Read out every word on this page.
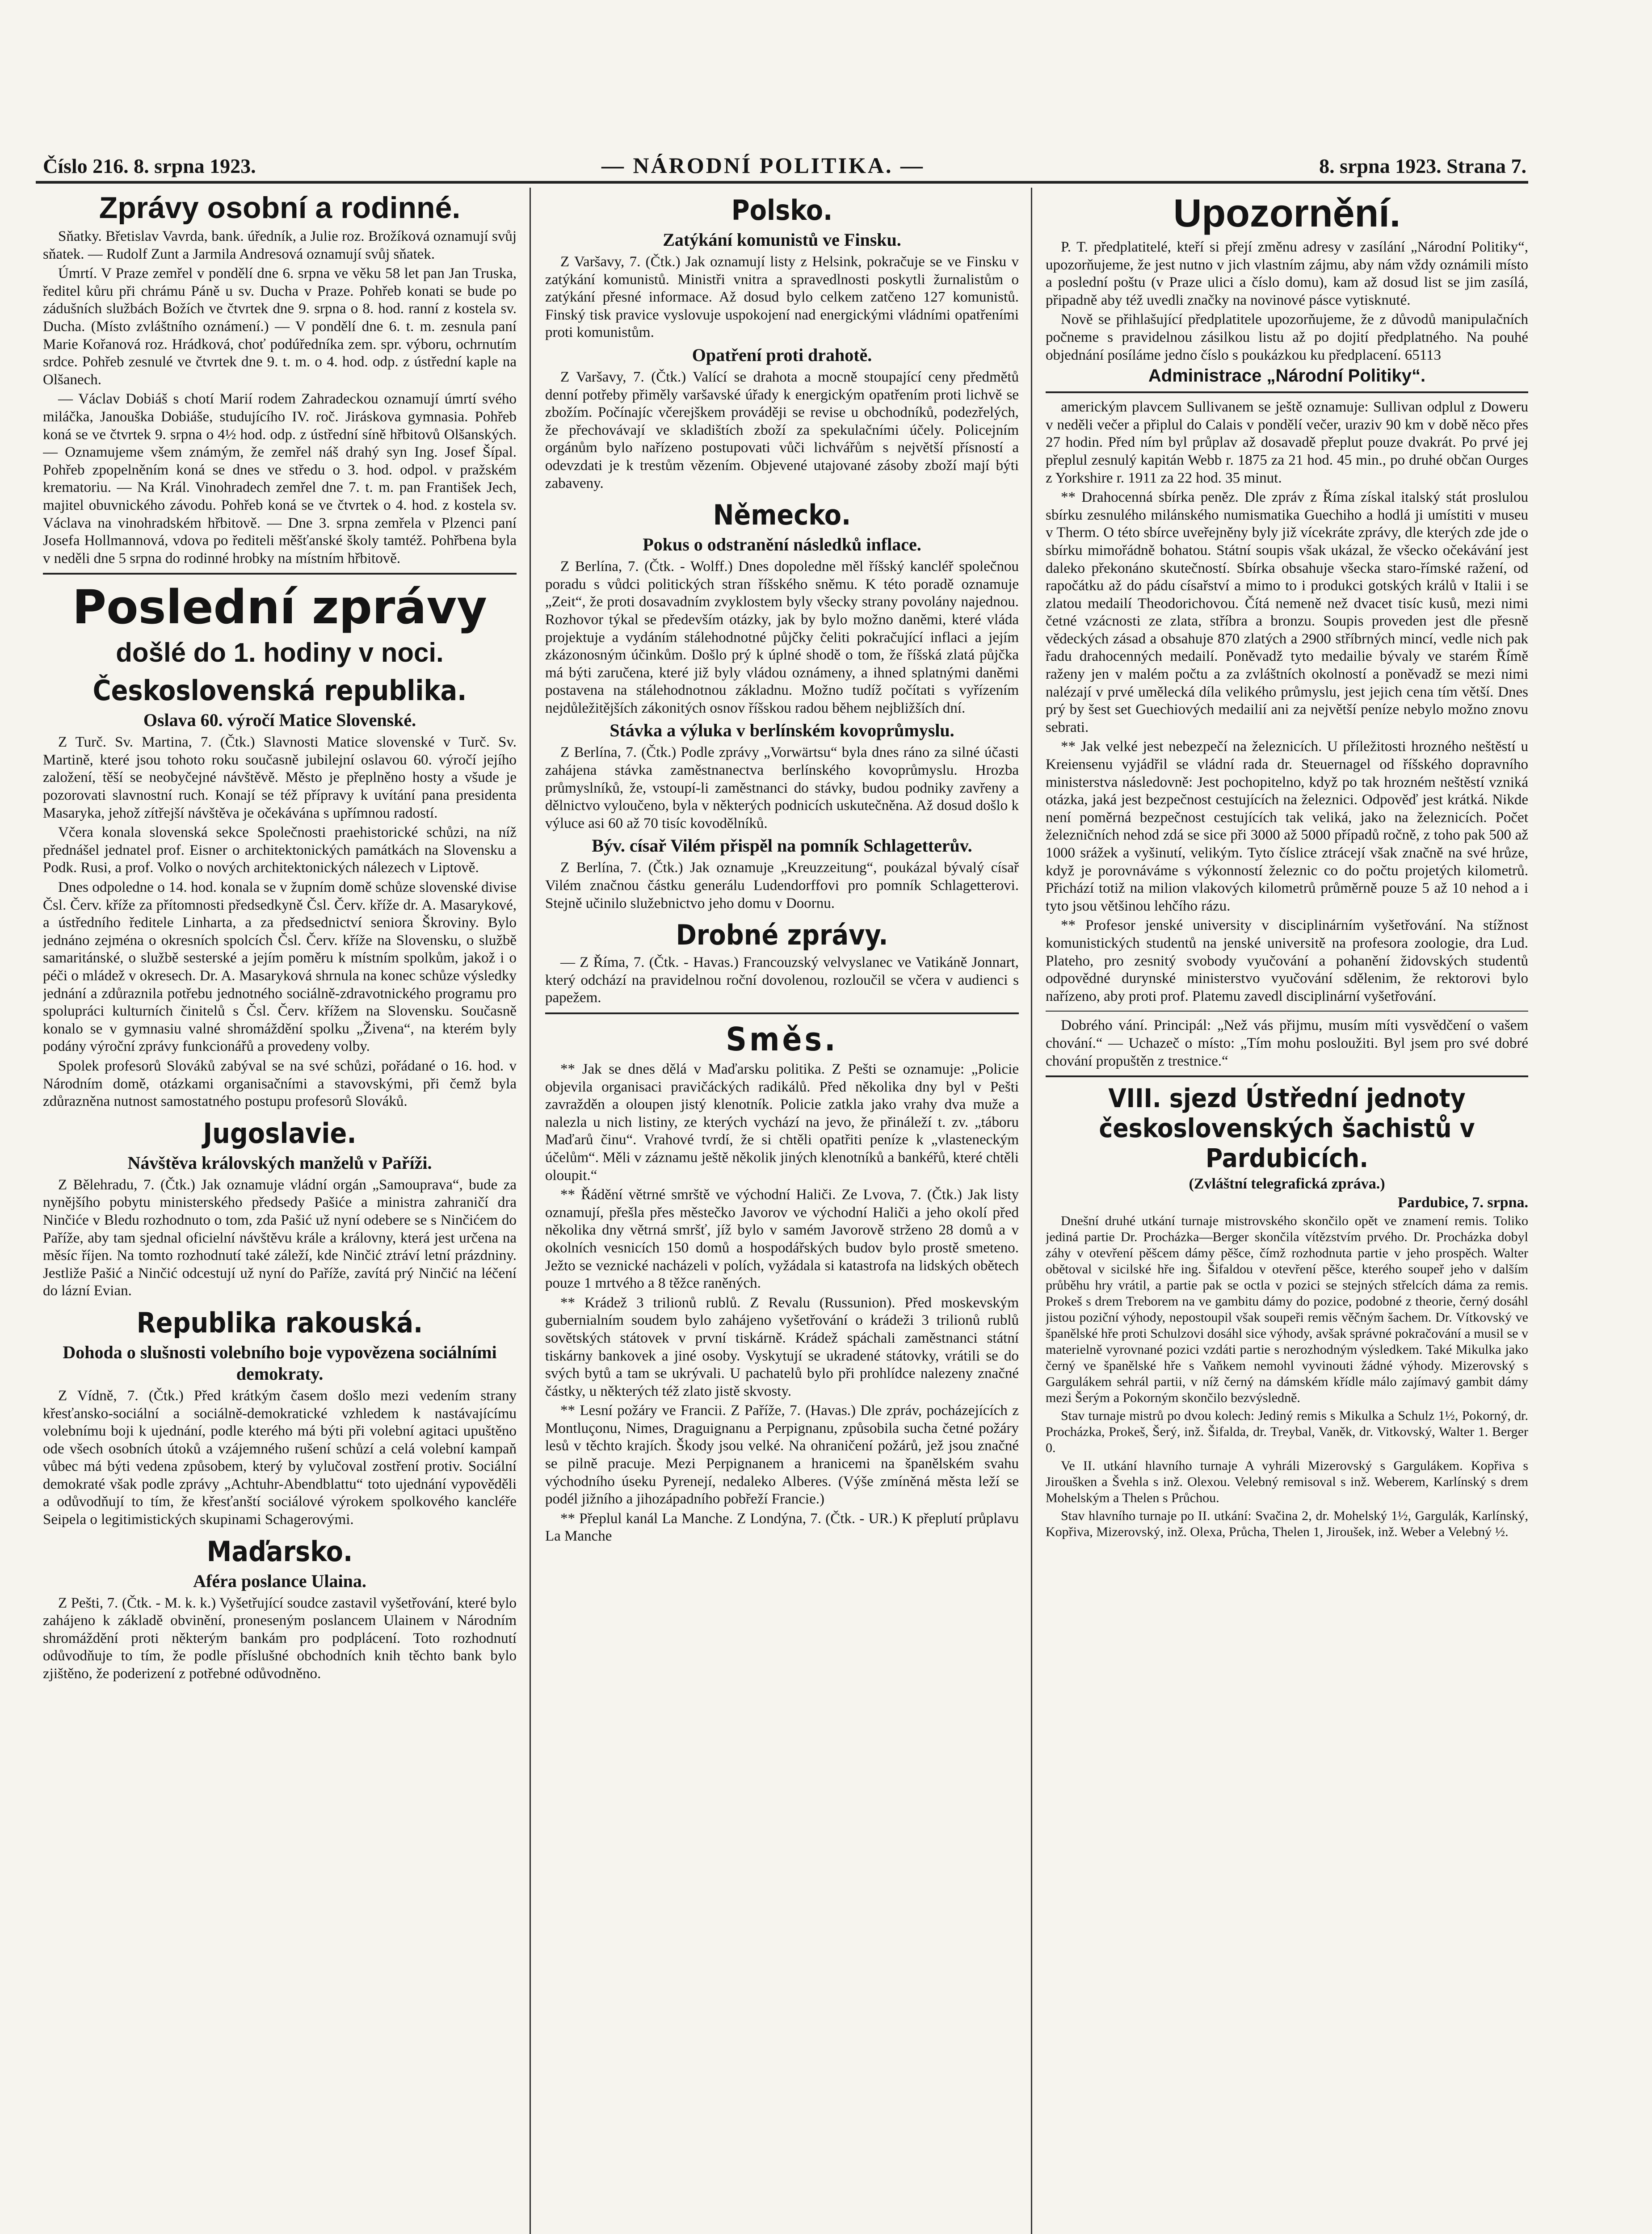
Číslo 216. 8. srpna 1923.	— NÁRODNÍ POLITIKA. —	8. srpna 1923. Strana 7.
Zprávy osobní a rodinné.

Sňatky. Břetislav Vavrda, bank. úředník, a Julie roz. Brožíková oznamují svůj sňatek. — Rudolf Zunt a Jarmila Andresová oznamují svůj sňatek.

Úmrtí. V Praze zemřel v pondělí dne 6. srpna ve věku 58 let pan Jan Truska, ředitel kůru při chrámu Páně u sv. Ducha v Praze. Pohřeb konati se bude po zádušních službách Božích ve čtvrtek dne 9. srpna o 8. hod. ranní z kostela sv. Ducha. (Místo zvláštního oznámení.) — V pondělí dne 6. t. m. zesnula paní Marie Kořanová roz. Hrádková, choť podúředníka zem. spr. výboru, ochrnutím srdce. Pohřeb zesnulé ve čtvrtek dne 9. t. m. o 4. hod. odp. z ústřední kaple na Olšanech.

— Václav Dobiáš s chotí Marií rodem Zahradeckou oznamují úmrtí svého miláčka, Janouška Dobiáše, studujícího IV. roč. Jiráskova gymnasia. Pohřeb koná se ve čtvrtek 9. srpna o 4½ hod. odp. z ústřední síně hřbitovů Olšanských. — Oznamujeme všem známým, že zemřel náš drahý syn Ing. Josef Šípal. Pohřeb zpopelněním koná se dnes ve středu o 3. hod. odpol. v pražském krematoriu. — Na Král. Vinohradech zemřel dne 7. t. m. pan František Jech, majitel obuvnického závodu. Pohřeb koná se ve čtvrtek o 4. hod. z kostela sv. Václava na vinohradském hřbitově. — Dne 3. srpna zemřela v Plzenci paní Josefa Hollmannová, vdova po řediteli měšťanské školy tamtéž. Pohřbena byla v neděli dne 5 srpna do rodinné hrobky na místním hřbitově.

Poslední zprávy
došlé do 1. hodiny v noci.
Československá republika.
Oslava 60. výročí Matice Slovenské.

Z Turč. Sv. Martina, 7. (Čtk.) Slavnosti Matice slovenské v Turč. Sv. Martině, které jsou tohoto roku současně jubilejní oslavou 60. výročí jejího založení, těší se neobyčejné návštěvě. Město je přeplněno hosty a všude je pozorovati slavnostní ruch. Konají se též přípravy k uvítání pana presidenta Masaryka, jehož zítřejší návštěva je očekávána s upřímnou radostí.

Včera konala slovenská sekce Společnosti praehistorické schůzi, na níž přednášel jednatel prof. Eisner o architektonických památkách na Slovensku a Podk. Rusi, a prof. Volko o nových architektonických nálezech v Liptově.

Dnes odpoledne o 14. hod. konala se v župním domě schůze slovenské divise Čsl. Červ. kříže za přítomnosti předsedkyně Čsl. Červ. kříže dr. A. Masarykové, a ústředního ředitele Linharta, a za předsednictví seniora Škroviny. Bylo jednáno zejména o okresních spolcích Čsl. Červ. kříže na Slovensku, o službě samaritánské, o službě sesterské a jejím poměru k místním spolkům, jakož i o péči o mládež v okresech. Dr. A. Masaryková shrnula na konec schůze výsledky jednání a zdůraznila potřebu jednotného sociálně-zdravotnického programu pro spolupráci kulturních činitelů s Čsl. Červ. křížem na Slovensku. Současně konalo se v gymnasiu valné shromáždění spolku „Živena“, na kterém byly podány výroční zprávy funkcionářů a provedeny volby.

Spolek profesorů Slováků zabýval se na své schůzi, pořádané o 16. hod. v Národním domě, otázkami organisačními a stavovskými, při čemž byla zdůrazněna nutnost samostatného postupu profesorů Slováků.

Jugoslavie.
Návštěva královských manželů v Paříži.

Z Bělehradu, 7. (Čtk.) Jak oznamuje vládní orgán „Samouprava“, bude za nynějšího pobytu ministerského předsedy Pašiće a ministra zahraničí dra Ninčiće v Bledu rozhodnuto o tom, zda Pašić už nyní odebere se s Ninčićem do Paříže, aby tam sjednal oficielní návštěvu krále a královny, která jest určena na měsíc říjen. Na tomto rozhodnutí také záleží, kde Ninčić ztráví letní prázdniny. Jestliže Pašić a Ninčić odcestují už nyní do Paříže, zavítá prý Ninčić na léčení do lázní Evian.

Republika rakouská.
Dohoda o slušnosti volebního boje vypovězena sociálními demokraty.

Z Vídně, 7. (Čtk.) Před krátkým časem došlo mezi vedením strany křesťansko-sociální a sociálně-demokratické vzhledem k nastávajícímu volebnímu boji k ujednání, podle kterého má býti při volební agitaci upuštěno ode všech osobních útoků a vzájemného rušení schůzí a celá volební kampaň vůbec má býti vedena způsobem, který by vylučoval zostření protiv. Sociální demokraté však podle zprávy „Achtuhr-Abendblattu“ toto ujednání vypověděli a odůvodňují to tím, že křesťanští sociálové výrokem spolkového kancléře Seipela o legitimistických skupinami Schagerovými.

Maďarsko.
Aféra poslance Ulaina.

Z Pešti, 7. (Čtk. - M. k. k.) Vyšetřující soudce zastavil vyšetřování, které bylo zahájeno k základě obvinění, proneseným poslancem Ulainem v Národním shromáždění proti některým bankám pro podplácení. Toto rozhodnutí odůvodňuje to tím, že podle příslušné obchodních knih těchto bank bylo zjištěno, že poderizení z potřebné odůvodněno.

Polsko.
Zatýkání komunistů ve Finsku.

Z Varšavy, 7. (Čtk.) Jak oznamují listy z Helsink, pokračuje se ve Finsku v zatýkání komunistů. Ministři vnitra a spravedlnosti poskytli žurnalistům o zatýkání přesné informace. Až dosud bylo celkem zatčeno 127 komunistů. Finský tisk pravice vyslovuje uspokojení nad energickými vládními opatřeními proti komunistům.

Opatření proti drahotě.

Z Varšavy, 7. (Čtk.) Valící se drahota a mocně stoupající ceny předmětů denní potřeby přiměly varšavské úřady k energickým opatřením proti lichvě se zbožím. Počínajíc včerejškem prováději se revise u obchodníků, podezřelých, že přechovávají ve skladištích zboží za spekulačními účely. Policejním orgánům bylo nařízeno postupovati vůči lichvářům s největší přísností a odevzdati je k trestům vězením. Objevené utajované zásoby zboží mají býti zabaveny.

Německo.
Pokus o odstranění následků inflace.

Z Berlína, 7. (Čtk. - Wolff.) Dnes dopoledne měl říšský kancléř společnou poradu s vůdci politických stran říšského sněmu. K této poradě oznamuje „Zeit“, že proti dosavadním zvyklostem byly všecky strany povolány najednou. Rozhovor týkal se především otázky, jak by bylo možno daněmi, které vláda projektuje a vydáním stálehodnotné půjčky čeliti pokračující inflaci a jejím zkázonosným účinkům. Došlo prý k úplné shodě o tom, že říšská zlatá půjčka má býti zaručena, které již byly vládou oznámeny, a ihned splatnými daněmi postavena na stálehodnotnou základnu. Možno tudíž počítati s vyřízením nejdůležitějších zákonitých osnov říšskou radou během nejbližších dní.

Stávka a výluka v berlínském kovoprůmyslu.

Z Berlína, 7. (Čtk.) Podle zprávy „Vorwärtsu“ byla dnes ráno za silné účasti zahájena stávka zaměstnanectva berlínského kovoprůmyslu. Hrozba průmyslníků, že, vstoupí-li zaměstnanci do stávky, budou podniky zavřeny a dělnictvo vyloučeno, byla v některých podnicích uskutečněna. Až dosud došlo k výluce asi 60 až 70 tisíc kovodělníků.

Býv. císař Vilém přispěl na pomník Schlagetterův.

Z Berlína, 7. (Čtk.) Jak oznamuje „Kreuzzeitung“, poukázal bývalý císař Vilém značnou částku generálu Ludendorffovi pro pomník Schlagetterovi. Stejně učinilo služebnictvo jeho domu v Doornu.

Drobné zprávy.

— Z Říma, 7. (Čtk. - Havas.) Francouzský velvyslanec ve Vatikáně Jonnart, který odchází na pravidelnou roční dovolenou, rozloučil se včera v audienci s papežem.

Směs.

** Jak se dnes dělá v Maďarsku politika. Z Pešti se oznamuje: „Policie objevila organisaci pravičáckých radikálů. Před několika dny byl v Pešti zavražděn a oloupen jistý klenotník. Policie zatkla jako vrahy dva muže a nalezla u nich listiny, ze kterých vychází na jevo, že přináleží t. zv. „táboru Maďarů činu“. Vrahové tvrdí, že si chtěli opatřiti peníze k „vlasteneckým účelům“. Měli v záznamu ještě několik jiných klenotníků a bankéřů, které chtěli oloupit.“

** Řádění větrné smrště ve východní Haliči. Ze Lvova, 7. (Čtk.) Jak listy oznamují, přešla přes městečko Javorov ve východní Haliči a jeho okolí před několika dny větrná smršť, jíž bylo v samém Javorově strženo 28 domů a v okolních vesnicích 150 domů a hospodářských budov bylo prostě smeteno. Ježto se veznické nacházeli v polích, vyžádala si katastrofa na lidských obětech pouze 1 mrtvého a 8 těžce raněných.

** Krádež 3 trilionů rublů. Z Revalu (Russunion). Před moskevským gubernialním soudem bylo zahájeno vyšetřování o krádeži 3 trilionů rublů sovětských státovek v první tiskárně. Krádež spáchali zaměstnanci státní tiskárny bankovek a jiné osoby. Vyskytují se ukradené státovky, vrátili se do svých bytů a tam se ukrývali. U pachatelů bylo při prohlídce nalezeny značné částky, u některých též zlato jistě skvosty.

** Lesní požáry ve Francii. Z Paříže, 7. (Havas.) Dle zpráv, pocházejících z Montluçonu, Nimes, Draguignanu a Perpignanu, způsobila sucha četné požáry lesů v těchto krajích. Škody jsou velké. Na ohraničení požárů, jež jsou značné se pilně pracuje. Mezi Perpignanem a hranicemi na španělském svahu východního úseku Pyrenejí, nedaleko Alberes. (Výše zmíněná města leží se podél jižního a jihozápadního pobřeží Francie.)

** Přeplul kanál La Manche. Z Londýna, 7. (Čtk. - UR.) K přeplutí průplavu La Manche

Upozornění.

P. T. předplatitelé, kteří si přejí změnu adresy v zasílání „Národní Politiky“, upozorňujeme, že jest nutno v jich vlastním zájmu, aby nám vždy oznámili místo a poslední poštu (v Praze ulici a číslo domu), kam až dosud list se jim zasílá, připadně aby též uvedli značky na novinové pásce vytisknuté.

Nově se přihlašující předplatitele upozorňujeme, že z důvodů manipulačních počneme s pravidelnou zásilkou listu až po dojití předplatného. Na pouhé objednání posíláme jedno číslo s poukázkou ku předplacení. 65113

Administrace „Národní Politiky“.

americkým plavcem Sullivanem se ještě oznamuje: Sullivan odplul z Doweru v neděli večer a připlul do Calais v pondělí večer, uraziv 90 km v době něco přes 27 hodin. Před ním byl průplav až dosavadě přeplut pouze dvakrát. Po prvé jej přeplul zesnulý kapitán Webb r. 1875 za 21 hod. 45 min., po druhé občan Ourges z Yorkshire r. 1911 za 22 hod. 35 minut.

** Drahocenná sbírka peněz. Dle zpráv z Říma získal italský stát proslulou sbírku zesnulého milánského numismatika Guechiho a hodlá ji umístiti v museu v Therm. O této sbírce uveřejněny byly již vícekráte zprávy, dle kterých zde jde o sbírku mimořádně bohatou. Státní soupis však ukázal, že všecko očekávání jest daleko překonáno skutečností. Sbírka obsahuje všecka staro-římské ražení, od rapočátku až do pádu císařství a mimo to i produkci gotských králů v Italii i se zlatou medailí Theodorichovou. Čítá nemeně než dvacet tisíc kusů, mezi nimi četné vzácnosti ze zlata, stříbra a bronzu. Soupis proveden jest dle přesně vědeckých zásad a obsahuje 870 zlatých a 2900 stříbrných mincí, vedle nich pak řadu drahocenných medailí. Poněvadž tyto medailie bývaly ve starém Římě raženy jen v malém počtu a za zvláštních okolností a poněvadž se mezi nimi nalézají v prvé umělecká díla velikého průmyslu, jest jejich cena tím větší. Dnes prý by šest set Guechiových medailií ani za největší peníze nebylo možno znovu sebrati.

** Jak velké jest nebezpečí na železnicích. U příležitosti hrozného neštěstí u Kreiensenu vyjádřil se vládní rada dr. Steuernagel od říšského dopravního ministerstva následovně: Jest pochopitelno, když po tak hrozném neštěstí vzniká otázka, jaká jest bezpečnost cestujících na železnici. Odpověď jest krátká. Nikde není poměrná bezpečnost cestujících tak veliká, jako na železnicích. Počet železničních nehod zdá se sice při 3000 až 5000 případů ročně, z toho pak 500 až 1000 srážek a vyšinutí, velikým. Tyto číslice ztrácejí však značně na své hrůze, když je porovnáváme s výkonností železnic co do počtu projetých kilometrů. Přichází totiž na milion vlakových kilometrů průměrně pouze 5 až 10 nehod a i tyto jsou většinou lehčího rázu.

** Profesor jenské university v disciplinárním vyšetřování. Na stížnost komunistických studentů na jenské universitě na profesora zoologie, dra Lud. Plateho, pro zesnitý svobody vyučování a pohanění židovských studentů odpovědné durynské ministerstvo vyučování sdělenim, že rektorovi bylo nařízeno, aby proti prof. Platemu zavedl disciplinární vyšetřování.

Dobrého vání. Principál: „Než vás přijmu, musím míti vysvědčení o vašem chování.“ — Uchazeč o místo: „Tím mohu posloužiti. Byl jsem pro své dobré chování propuštěn z trestnice.“

VIII. sjezd Ústřední jednoty československých šachistů v Pardubicích.
(Zvláštní telegrafická zpráva.)
Pardubice, 7. srpna.

Dnešní druhé utkání turnaje mistrovského skončilo opět ve znamení remis. Toliko jediná partie Dr. Procházka—Berger skončila vítězstvím prvého. Dr. Procházka dobyl záhy v otevření pěšcem dámy pěšce, čímž rozhodnuta partie v jeho prospěch. Walter obětoval v sicilské hře ing. Šifaldou v otevření pěšce, kterého soupeř jeho v dalším průběhu hry vrátil, a partie pak se octla v pozici se stejných střelcích dáma za remis. Prokeš s drem Treborem na ve gambitu dámy do pozice, podobné z theorie, černý dosáhl jistou poziční výhody, nepostoupil však soupeři remis věčným šachem. Dr. Vítkovský ve španělské hře proti Schulzovi dosáhl sice výhody, avšak správné pokračování a musil se v materielně vyrovnané pozici vzdáti partie s nerozhodným výsledkem. Také Mikulka jako černý ve španělské hře s Vaňkem nemohl vyvinouti žádné výhody. Mizerovský s Gargulákem sehrál partii, v níž černý na dámském křídle málo zajímavý gambit dámy mezi Šerým a Pokorným skončilo bezvýsledně.

Stav turnaje mistrů po dvou kolech: Jediný remis s Mikulka a Schulz 1½, Pokorný, dr. Procházka, Prokeš, Šerý, inž. Šifalda, dr. Treybal, Vaněk, dr. Vitkovský, Walter 1. Berger 0.

Ve II. utkání hlavního turnaje A vyhráli Mizerovský s Gargulákem. Kopřiva s Jiroušken a Švehla s inž. Olexou. Velebný remisoval s inž. Weberem, Karlínský s drem Mohelským a Thelen s Průchou.

Stav hlavního turnaje po II. utkání: Svačina 2, dr. Mohelský 1½, Gargulák, Karlínský, Kopřiva, Mizerovský, inž. Olexa, Průcha, Thelen 1, Jiroušek, inž. Weber a Velebný ½.
